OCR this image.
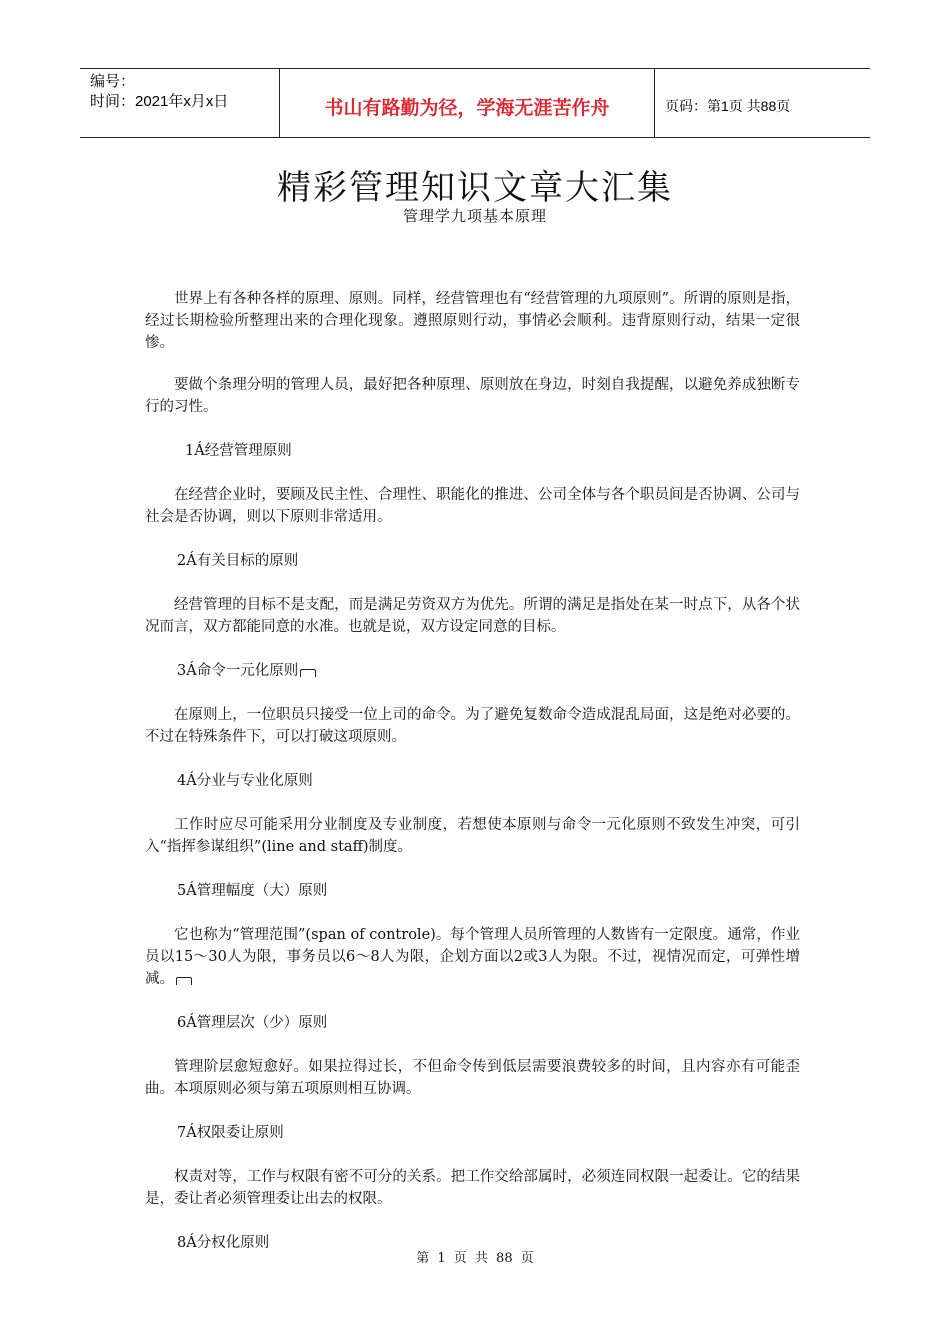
编号：
时间：2021年x月x日	书山有路勤为径，学海无涯苦作舟	页码：第1页 共88页
精彩管理知识文章大汇集
管理学九项基本原理

世界上有各种各样的原理、原则。同样，经营管理也有“经营管理的九项原则”。所谓的原则是指，经过长期检验所整理出来的合理化现象。遵照原则行动，事情必会顺利。违背原则行动，结果一定很惨。

要做个条理分明的管理人员，最好把各种原理、原则放在身边，时刻自我提醒，以避免养成独断专行的习性。

1Á经营管理原则

在经营企业时，要顾及民主性、合理性、职能化的推进、公司全体与各个职员间是否协调、公司与社会是否协调，则以下原则非常适用。

2Á有关目标的原则

经营管理的目标不是支配，而是满足劳资双方为优先。所谓的满足是指处在某一时点下，从各个状况而言，双方都能同意的水准。也就是说，双方设定同意的目标。

3Á命令一元化原则

在原则上，一位职员只接受一位上司的命令。为了避免复数命令造成混乱局面，这是绝对必要的。不过在特殊条件下，可以打破这项原则。

4Á分业与专业化原则

工作时应尽可能采用分业制度及专业制度，若想使本原则与命令一元化原则不致发生冲突，可引入“指挥参谋组织”(line and staff)制度。

5Á管理幅度（大）原则

它也称为“管理范围”(span of controle)。每个管理人员所管理的人数皆有一定限度。通常，作业员以15～30人为限，事务员以6～8人为限，企划方面以2或3人为限。不过，视情况而定，可弹性增减。

6Á管理层次（少）原则

管理阶层愈短愈好。如果拉得过长，不但命令传到低层需要浪费较多的时间，且内容亦有可能歪曲。本项原则必须与第五项原则相互协调。

7Á权限委让原则

权责对等，工作与权限有密不可分的关系。把工作交给部属时，必须连同权限一起委让。它的结果是，委让者必须管理委让出去的权限。

8Á分权化原则

第 1 页 共 88 页
